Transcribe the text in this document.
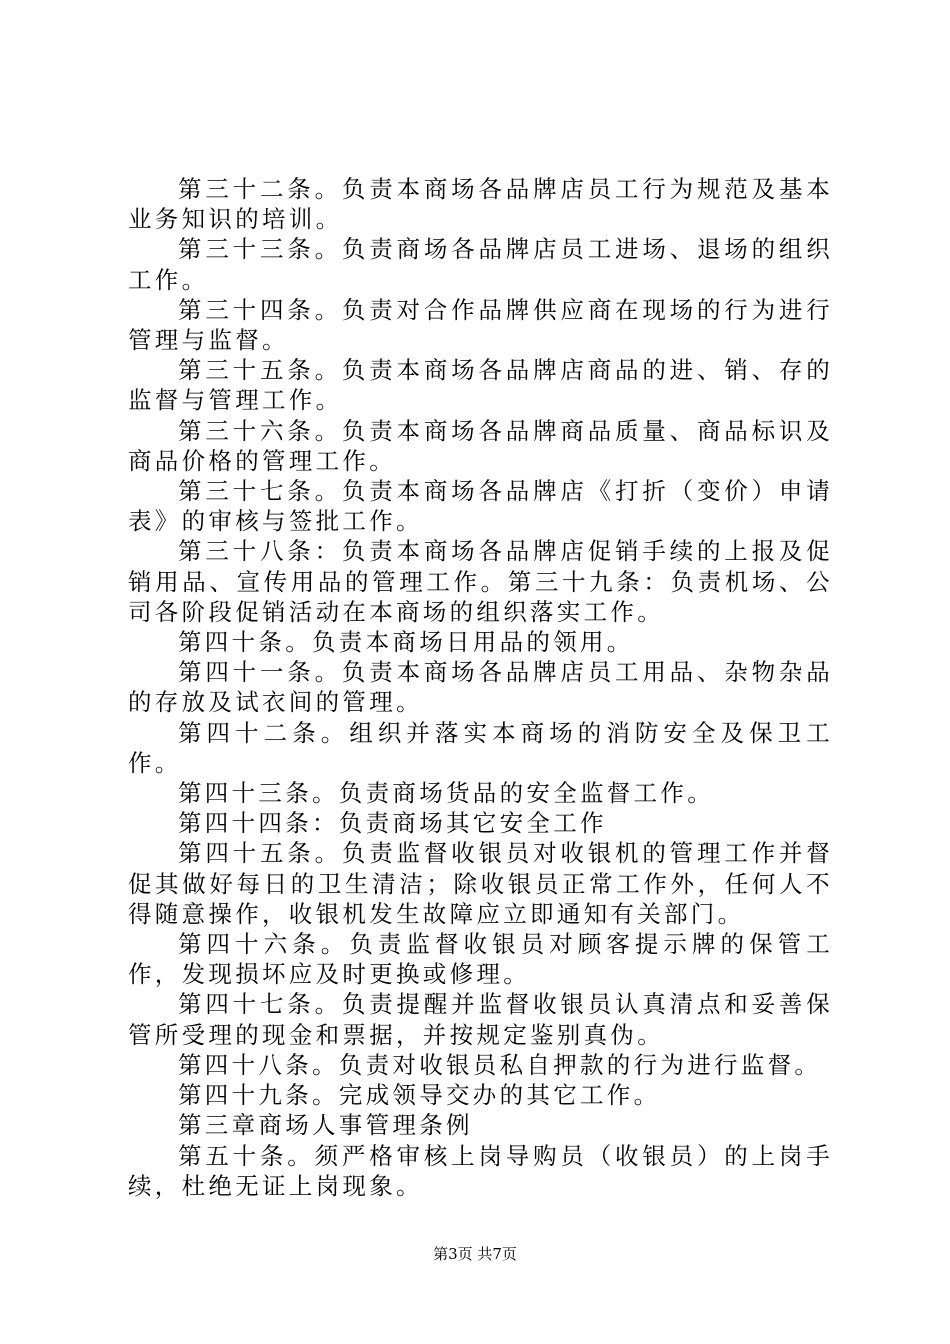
第三十二条。负责本商场各品牌店员工行为规范及基本业务知识的培训。

第三十三条。负责商场各品牌店员工进场、退场的组织工作。

第三十四条。负责对合作品牌供应商在现场的行为进行管理与监督。

第三十五条。负责本商场各品牌店商品的进、销、存的监督与管理工作。

第三十六条。负责本商场各品牌商品质量、商品标识及商品价格的管理工作。

第三十七条。负责本商场各品牌店《打折（变价）申请表》的审核与签批工作。

第三十八条：负责本商场各品牌店促销手续的上报及促销用品、宣传用品的管理工作。第三十九条：负责机场、公司各阶段促销活动在本商场的组织落实工作。

第四十条。负责本商场日用品的领用。

第四十一条。负责本商场各品牌店员工用品、杂物杂品的存放及试衣间的管理。

第四十二条。组织并落实本商场的消防安全及保卫工作。

第四十三条。负责商场货品的安全监督工作。

第四十四条：负责商场其它安全工作

第四十五条。负责监督收银员对收银机的管理工作并督促其做好每日的卫生清洁；除收银员正常工作外，任何人不得随意操作，收银机发生故障应立即通知有关部门。

第四十六条。负责监督收银员对顾客提示牌的保管工作，发现损坏应及时更换或修理。

第四十七条。负责提醒并监督收银员认真清点和妥善保管所受理的现金和票据，并按规定鉴别真伪。

第四十八条。负责对收银员私自押款的行为进行监督。

第四十九条。完成领导交办的其它工作。

第三章商场人事管理条例

第五十条。须严格审核上岗导购员（收银员）的上岗手续，杜绝无证上岗现象。

第3页 共7页
